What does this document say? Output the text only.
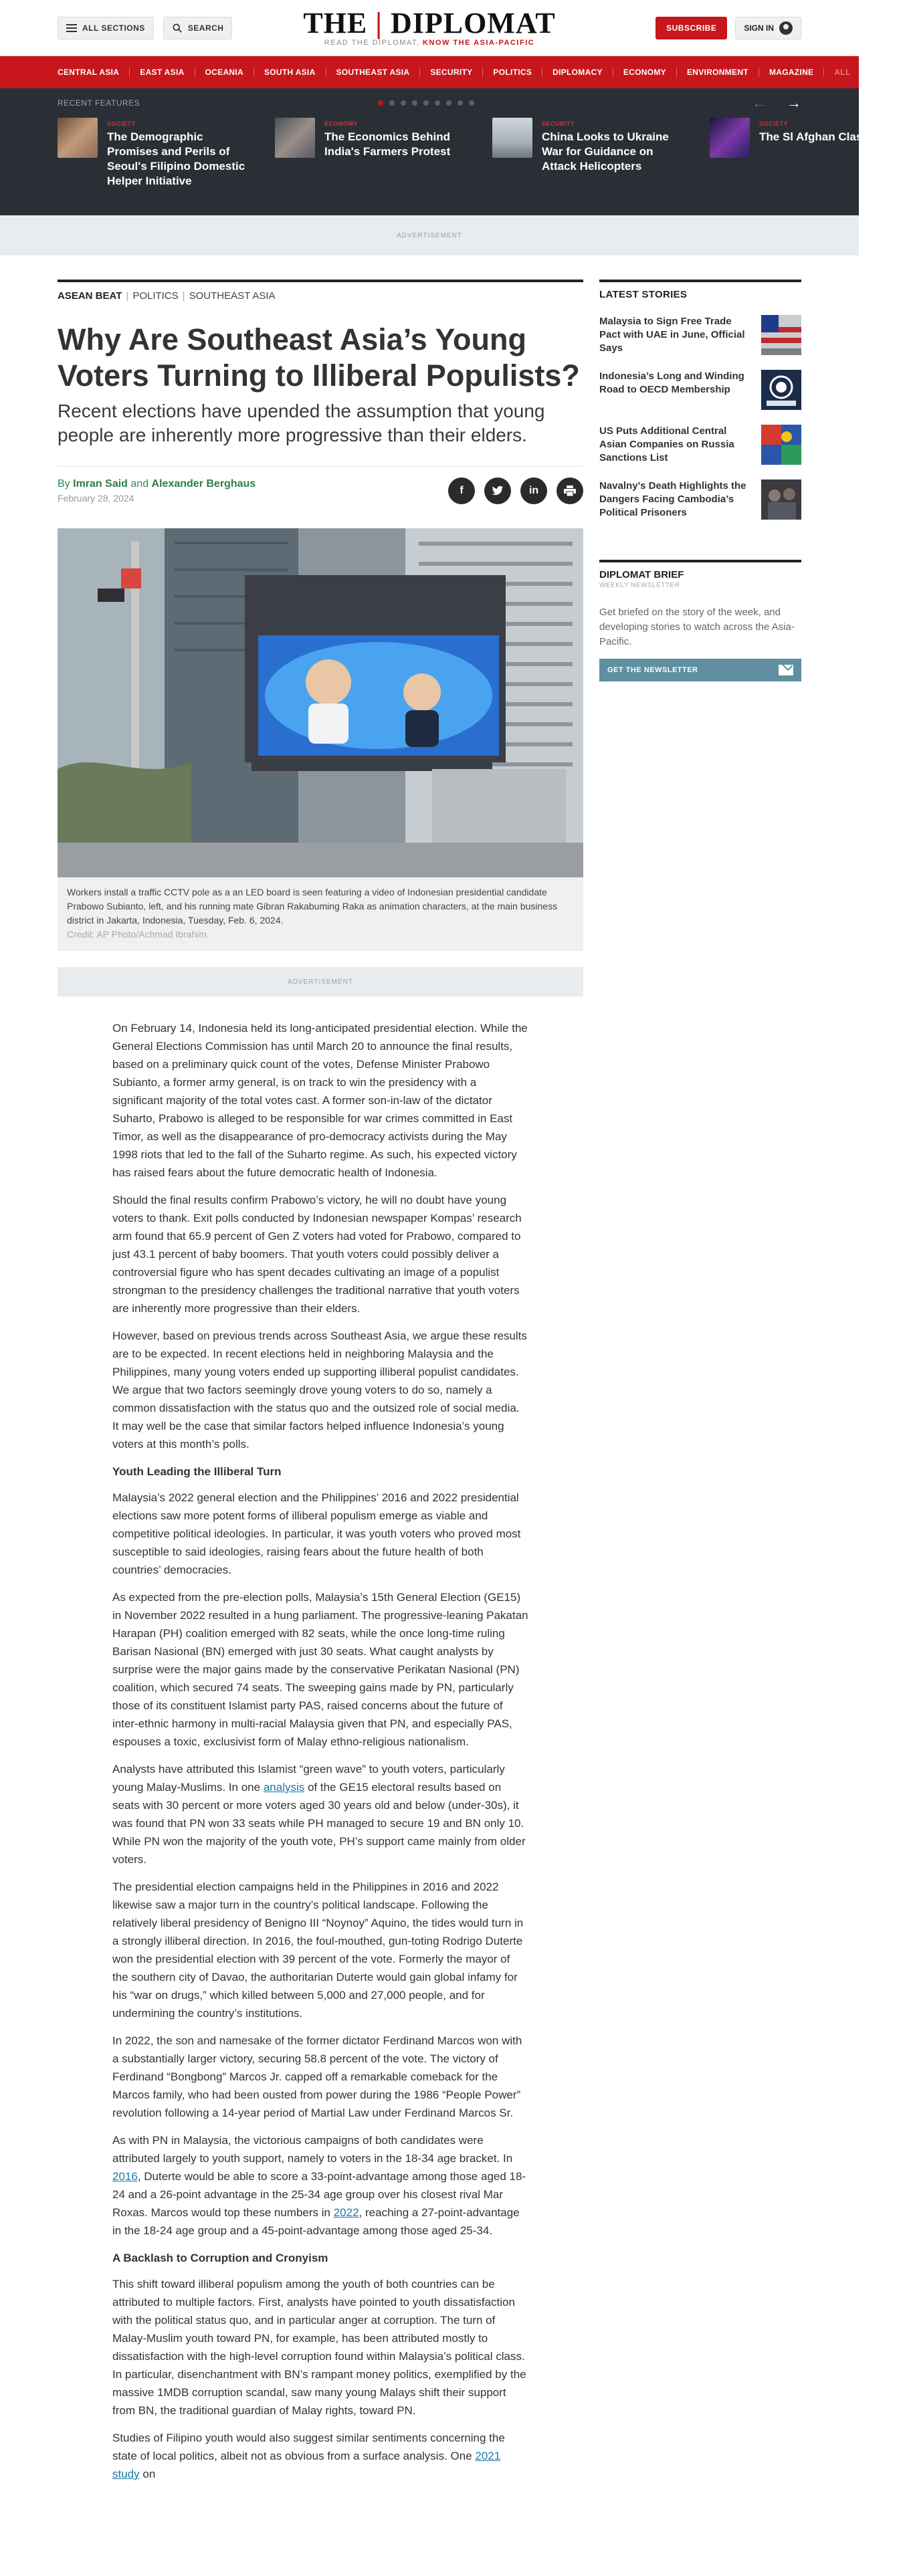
ALL SECTIONS	SEARCH	THE | DIPLOMAT
READ THE DIPLOMAT, KNOW THE ASIA-PACIFIC
SUBSCRIBE	SIGN IN
CENTRAL ASIA	EAST ASIA	OCEANIA	SOUTH ASIA	SOUTHEAST ASIA	SECURITY	POLITICS	DIPLOMACY	ECONOMY	ENVIRONMENT	MAGAZINE	ALL
RECENT FEATURES	← →
SOCIETY
The Demographic Promises and Perils of Seoul's Filipino Domestic Helper Initiative
ECONOMY
The Economics Behind India's Farmers Protest
SECURITY
China Looks to Ukraine War for Guidance on Attack Helicopters
SOCIETY
The Sl Afghan Classr
ADVERTISEMENT
ASEAN BEAT | POLITICS | SOUTHEAST ASIA
Why Are Southeast Asia’s Young Voters Turning to Illiberal Populists?
Recent elections have upended the assumption that young people are inherently more progressive than their elders.
By Imran Said and Alexander Berghaus
February 28, 2024
f	in
Workers install a traffic CCTV pole as a an LED board is seen featuring a video of Indonesian presidential candidate Prabowo Subianto, left, and his running mate Gibran Rakabuming Raka as animation characters, at the main business district in Jakarta, Indonesia, Tuesday, Feb. 6, 2024.
Credit: AP Photo/Achmad Ibrahim
ADVERTISEMENT

On February 14, Indonesia held its long-anticipated presidential election. While the General Elections Commission has until March 20 to announce the final results, based on a preliminary quick count of the votes, Defense Minister Prabowo Subianto, a former army general, is on track to win the presidency with a significant majority of the total votes cast. A former son-in-law of the dictator Suharto, Prabowo is alleged to be responsible for war crimes committed in East Timor, as well as the disappearance of pro-democracy activists during the May 1998 riots that led to the fall of the Suharto regime. As such, his expected victory has raised fears about the future democratic health of Indonesia.

Should the final results confirm Prabowo’s victory, he will no doubt have young voters to thank. Exit polls conducted by Indonesian newspaper Kompas’ research arm found that 65.9 percent of Gen Z voters had voted for Prabowo, compared to just 43.1 percent of baby boomers. That youth voters could possibly deliver a controversial figure who has spent decades cultivating an image of a populist strongman to the presidency challenges the traditional narrative that youth voters are inherently more progressive than their elders.

However, based on previous trends across Southeast Asia, we argue these results are to be expected. In recent elections held in neighboring Malaysia and the Philippines, many young voters ended up supporting illiberal populist candidates. We argue that two factors seemingly drove young voters to do so, namely a common dissatisfaction with the status quo and the outsized role of social media. It may well be the case that similar factors helped influence Indonesia’s young voters at this month’s polls.

Youth Leading the Illiberal Turn

Malaysia’s 2022 general election and the Philippines’ 2016 and 2022 presidential elections saw more potent forms of illiberal populism emerge as viable and competitive political ideologies. In particular, it was youth voters who proved most susceptible to said ideologies, raising fears about the future health of both countries’ democracies.

As expected from the pre-election polls, Malaysia’s 15th General Election (GE15) in November 2022 resulted in a hung parliament. The progressive-leaning Pakatan Harapan (PH) coalition emerged with 82 seats, while the once long-time ruling Barisan Nasional (BN) emerged with just 30 seats. What caught analysts by surprise were the major gains made by the conservative Perikatan Nasional (PN) coalition, which secured 74 seats. The sweeping gains made by PN, particularly those of its constituent Islamist party PAS, raised concerns about the future of inter-ethnic harmony in multi-racial Malaysia given that PN, and especially PAS, espouses a toxic, exclusivist form of Malay ethno-religious nationalism.

Analysts have attributed this Islamist “green wave” to youth voters, particularly young Malay-Muslims. In one analysis of the GE15 electoral results based on seats with 30 percent or more voters aged 30 years old and below (under-30s), it was found that PN won 33 seats while PH managed to secure 19 and BN only 10. While PN won the majority of the youth vote, PH’s support came mainly from older voters.

The presidential election campaigns held in the Philippines in 2016 and 2022 likewise saw a major turn in the country’s political landscape. Following the relatively liberal presidency of Benigno III “Noynoy” Aquino, the tides would turn in a strongly illiberal direction. In 2016, the foul-mouthed, gun-toting Rodrigo Duterte won the presidential election with 39 percent of the vote. Formerly the mayor of the southern city of Davao, the authoritarian Duterte would gain global infamy for his “war on drugs,” which killed between 5,000 and 27,000 people, and for undermining the country’s institutions.

In 2022, the son and namesake of the former dictator Ferdinand Marcos won with a substantially larger victory, securing 58.8 percent of the vote. The victory of Ferdinand “Bongbong” Marcos Jr. capped off a remarkable comeback for the Marcos family, who had been ousted from power during the 1986 “People Power” revolution following a 14-year period of Martial Law under Ferdinand Marcos Sr.

As with PN in Malaysia, the victorious campaigns of both candidates were attributed largely to youth support, namely to voters in the 18-34 age bracket. In 2016, Duterte would be able to score a 33-point-advantage among those aged 18-24 and a 26-point advantage in the 25-34 age group over his closest rival Mar Roxas. Marcos would top these numbers in 2022, reaching a 27-point-advantage in the 18-24 age group and a 45-point-advantage among those aged 25-34.

A Backlash to Corruption and Cronyism

This shift toward illiberal populism among the youth of both countries can be attributed to multiple factors. First, analysts have pointed to youth dissatisfaction with the political status quo, and in particular anger at corruption. The turn of Malay-Muslim youth toward PN, for example, has been attributed mostly to dissatisfaction with the high-level corruption found within Malaysia’s political class. In particular, disenchantment with BN’s rampant money politics, exemplified by the massive 1MDB corruption scandal, saw many young Malays shift their support from BN, the traditional guardian of Malay rights, toward PN.

Studies of Filipino youth would also suggest similar sentiments concerning the state of local politics, albeit not as obvious from a surface analysis. One 2021 study on

LATEST STORIES
Malaysia to Sign Free Trade Pact with UAE in June, Official Says
Indonesia’s Long and Winding Road to OECD Membership
US Puts Additional Central Asian Companies on Russia Sanctions List
Navalny’s Death Highlights the Dangers Facing Cambodia’s Political Prisoners
DIPLOMAT BRIEF
WEEKLY NEWSLETTER
Get briefed on the story of the week, and developing stories to watch across the Asia-Pacific.
GET THE NEWSLETTER
